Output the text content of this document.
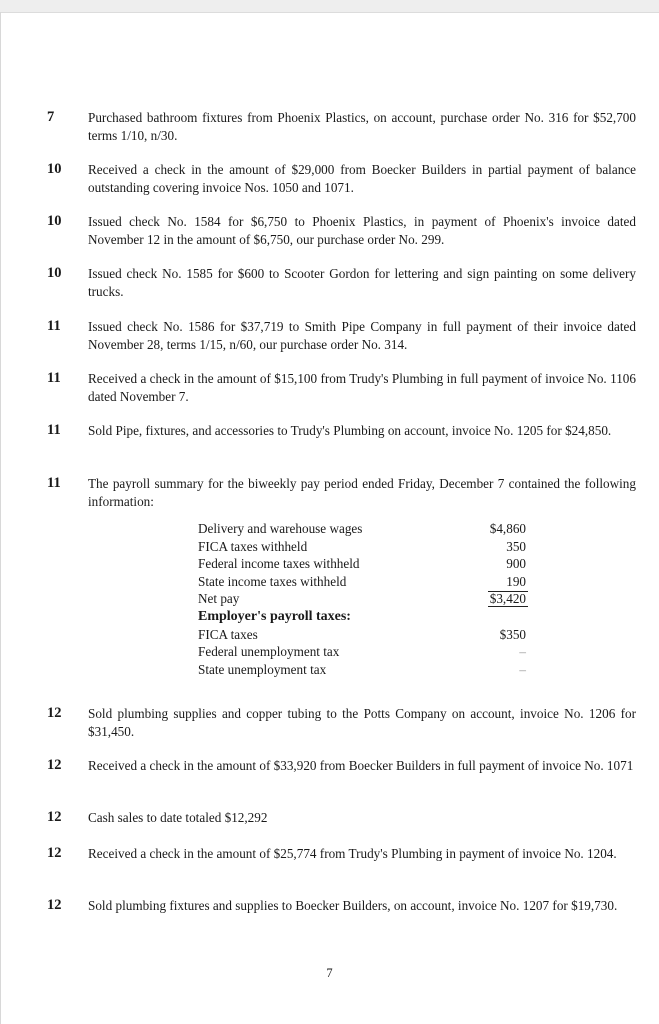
7	Purchased bathroom fixtures from Phoenix Plastics, on account, purchase order No. 316 for $52,700 terms 1/10, n/30.
10	Received a check in the amount of $29,000 from Boecker Builders in partial payment of balance outstanding covering invoice Nos. 1050 and 1071.
10	Issued check No. 1584 for $6,750 to Phoenix Plastics, in payment of Phoenix's invoice dated November 12 in the amount of $6,750, our purchase order No. 299.
10	Issued check No. 1585 for $600 to Scooter Gordon for lettering and sign painting on some delivery trucks.
11	Issued check No. 1586 for $37,719 to Smith Pipe Company in full payment of their invoice dated November 28, terms 1/15, n/60, our purchase order No. 314.
11	Received a check in the amount of $15,100 from Trudy's Plumbing in full payment of invoice No. 1106 dated November 7.
11	Sold Pipe, fixtures, and accessories to Trudy's Plumbing on account, invoice No. 1205 for $24,850.
11	The payroll summary for the biweekly pay period ended Friday, December 7 contained the following information:
Delivery and warehouse wages	$4,860
FICA taxes withheld	350
Federal income taxes withheld	900
State income taxes withheld	190
Net pay	$3,420
Employer's payroll taxes:
FICA taxes	$350
Federal unemployment tax	–
State unemployment tax	–
12	Sold plumbing supplies and copper tubing to the Potts Company on account, invoice No. 1206 for $31,450.
12	Received a check in the amount of $33,920 from Boecker Builders in full payment of invoice No. 1071
12	Cash sales to date totaled $12,292
12	Received a check in the amount of $25,774 from Trudy's Plumbing in payment of invoice No. 1204.
12	Sold plumbing fixtures and supplies to Boecker Builders, on account, invoice No. 1207 for $19,730.
7
